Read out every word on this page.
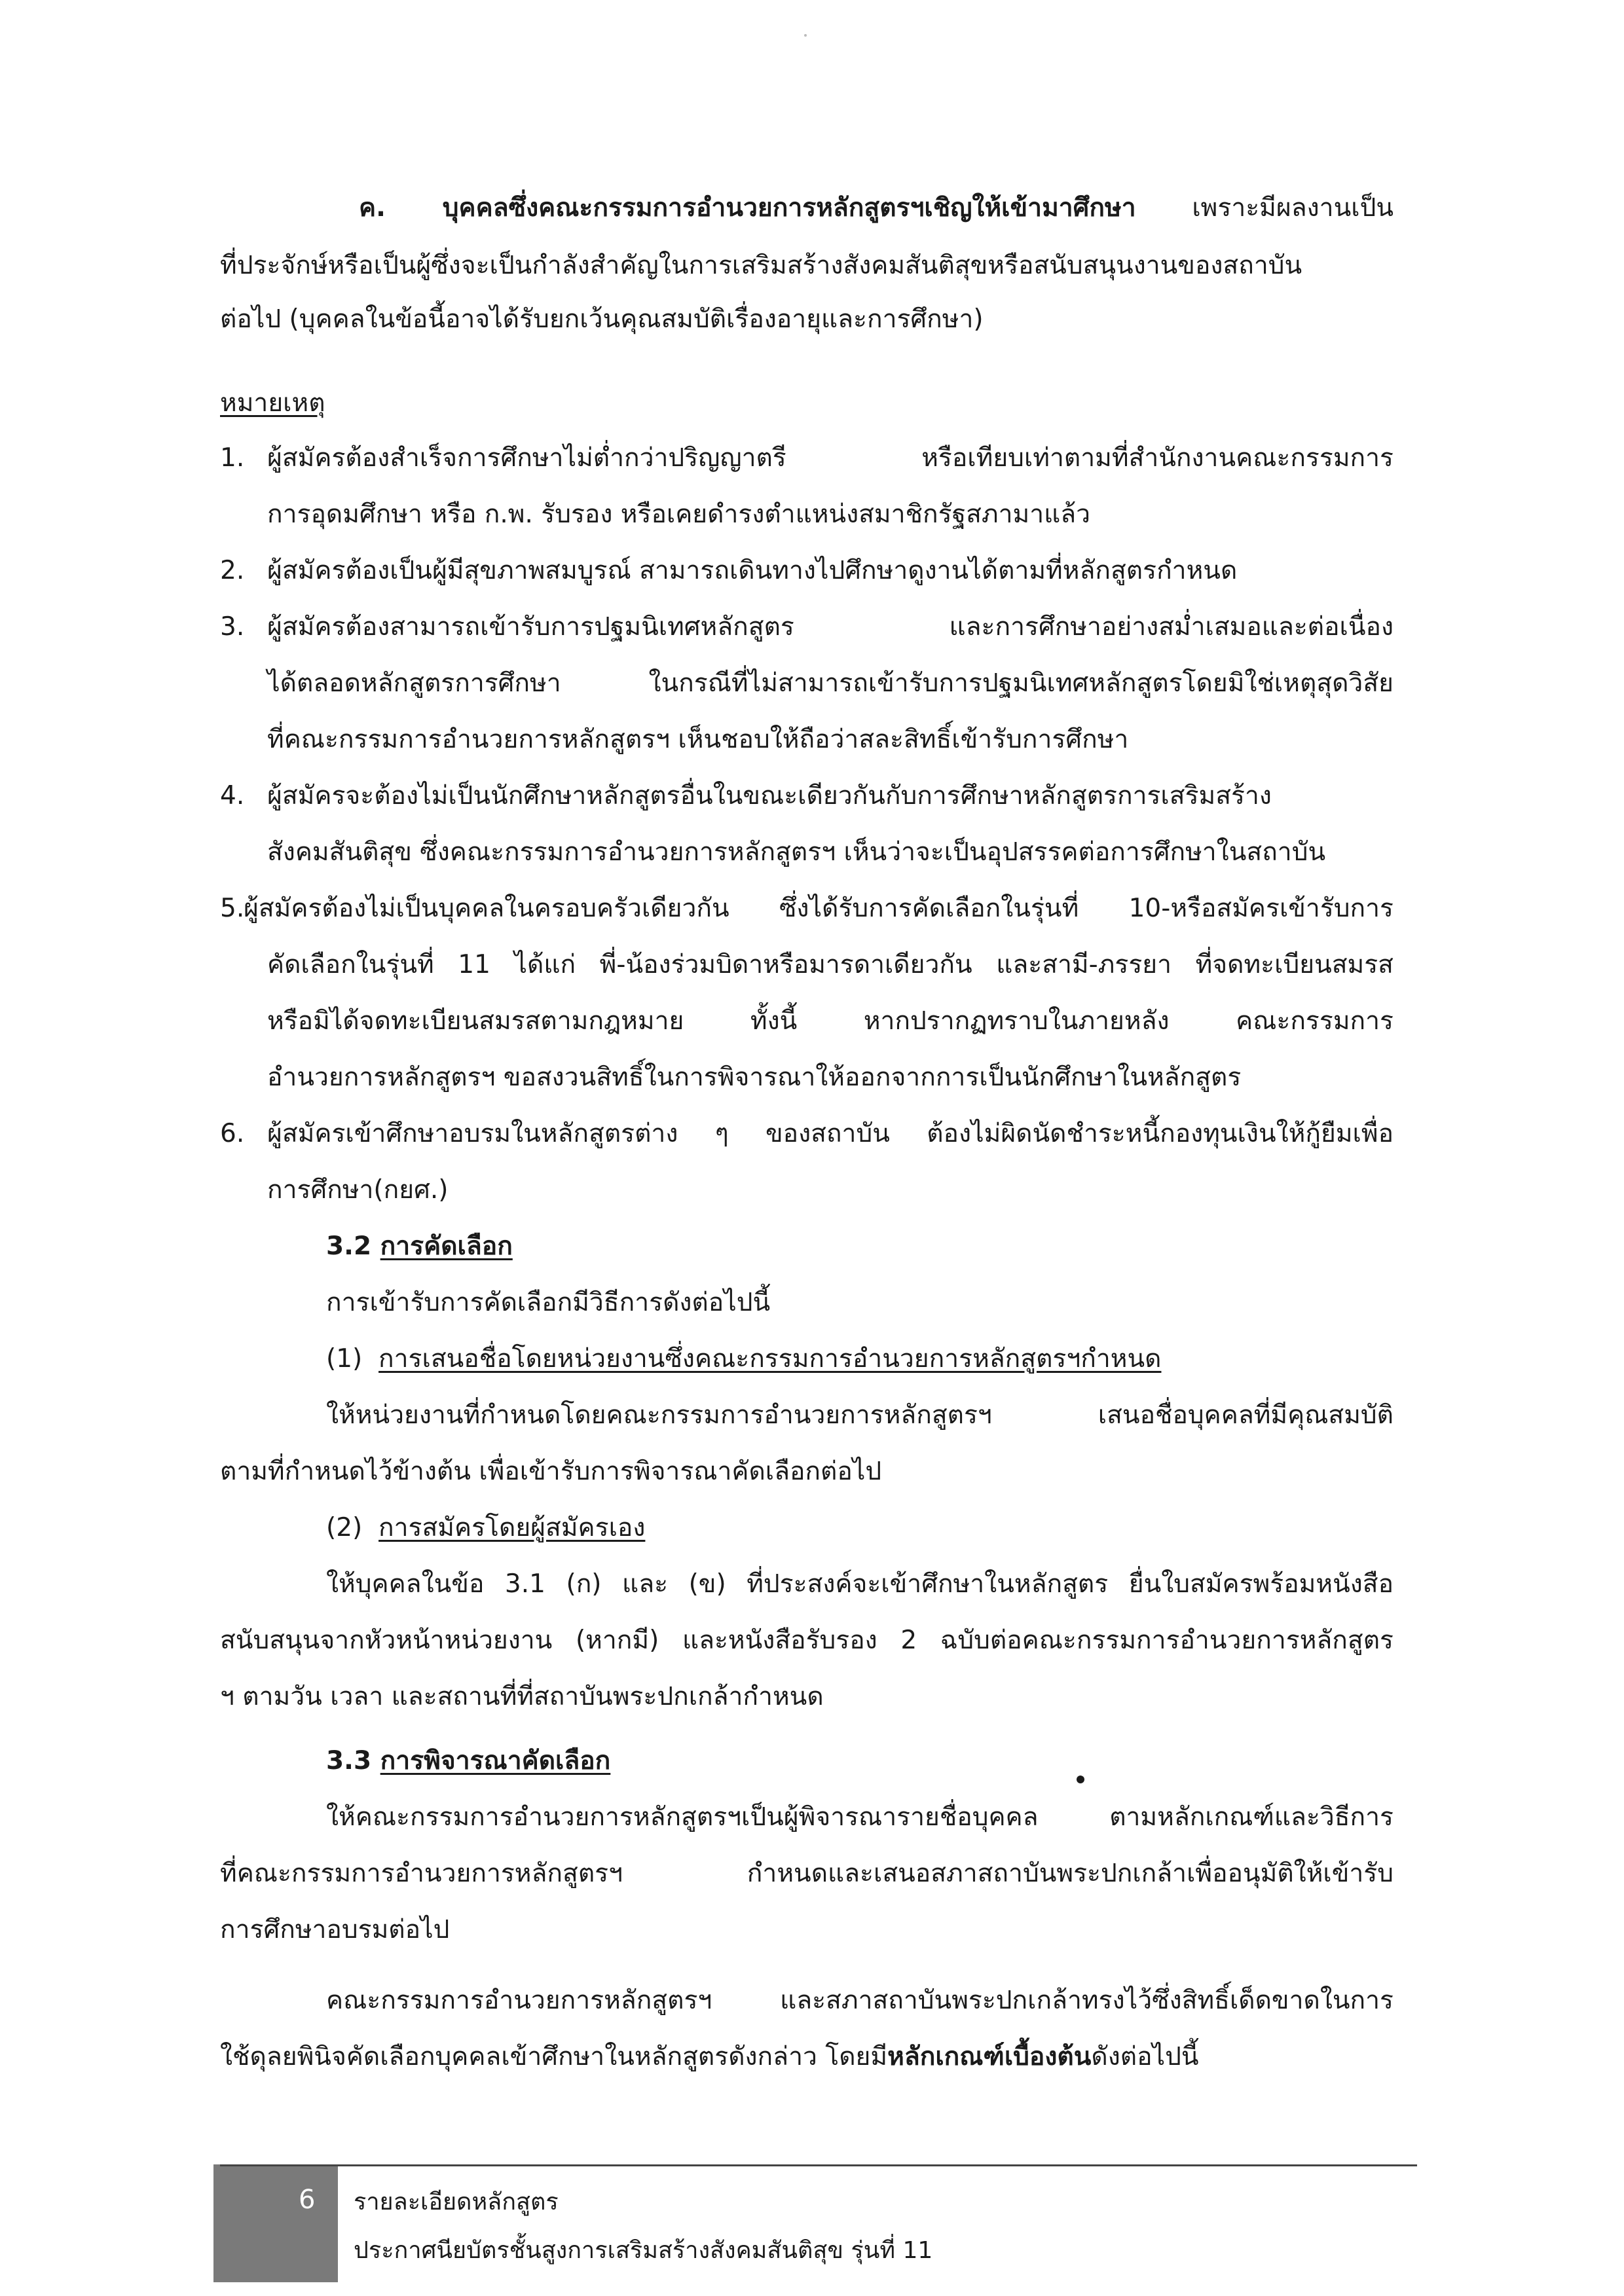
ค. บุคคลซึ่งคณะกรรมการอำนวยการหลักสูตรฯเชิญให้เข้ามาศึกษา เพราะมีผลงานเป็น
ที่ประจักษ์หรือเป็นผู้ซึ่งจะเป็นกำลังสำคัญในการเสริมสร้างสังคมสันติสุขหรือสนับสนุนงานของสถาบัน
ต่อไป (บุคคลในข้อนี้อาจได้รับยกเว้นคุณสมบัติเรื่องอายุและการศึกษา)
หมายเหตุ
1. ผู้สมัครต้องสำเร็จการศึกษาไม่ต่ำกว่าปริญญาตรี หรือเทียบเท่าตามที่สำนักงานคณะกรรมการ
การอุดมศึกษา หรือ ก.พ. รับรอง หรือเคยดำรงตำแหน่งสมาชิกรัฐสภามาแล้ว
2. ผู้สมัครต้องเป็นผู้มีสุขภาพสมบูรณ์ สามารถเดินทางไปศึกษาดูงานได้ตามที่หลักสูตรกำหนด
3. ผู้สมัครต้องสามารถเข้ารับการปฐมนิเทศหลักสูตร และการศึกษาอย่างสม่ำเสมอและต่อเนื่อง
ได้ตลอดหลักสูตรการศึกษา ในกรณีที่ไม่สามารถเข้ารับการปฐมนิเทศหลักสูตรโดยมิใช่เหตุสุดวิสัย
ที่คณะกรรมการอำนวยการหลักสูตรฯ เห็นชอบให้ถือว่าสละสิทธิ์เข้ารับการศึกษา
4. ผู้สมัครจะต้องไม่เป็นนักศึกษาหลักสูตรอื่นในขณะเดียวกันกับการศึกษาหลักสูตรการเสริมสร้าง
สังคมสันติสุข ซึ่งคณะกรรมการอำนวยการหลักสูตรฯ เห็นว่าจะเป็นอุปสรรคต่อการศึกษาในสถาบัน
5.
ผู้สมัครต้องไม่เป็นบุคคลในครอบครัวเดียวกัน ซึ่งได้รับการคัดเลือกในรุ่นที่ 10-หรือสมัครเข้ารับการ
คัดเลือกในรุ่นที่ 11 ได้แก่ พี่-น้องร่วมบิดาหรือมารดาเดียวกัน และสามี-ภรรยา ที่จดทะเบียนสมรส
หรือมิได้จดทะเบียนสมรสตามกฎหมาย ทั้งนี้ หากปรากฏทราบในภายหลัง คณะกรรมการ
อำนวยการหลักสูตรฯ ขอสงวนสิทธิ์ในการพิจารณาให้ออกจากการเป็นนักศึกษาในหลักสูตร
6. ผู้สมัครเข้าศึกษาอบรมในหลักสูตรต่าง ๆ ของสถาบัน ต้องไม่ผิดนัดชำระหนี้กองทุนเงินให้กู้ยืมเพื่อ
การศึกษา(กยศ.)
3.2 การคัดเลือก
การเข้ารับการคัดเลือกมีวิธีการดังต่อไปนี้
(1) การเสนอชื่อโดยหน่วยงานซึ่งคณะกรรมการอำนวยการหลักสูตรฯกำหนด
ให้หน่วยงานที่กำหนดโดยคณะกรรมการอำนวยการหลักสูตรฯ เสนอชื่อบุคคลที่มีคุณสมบัติ
ตามที่กำหนดไว้ข้างต้น เพื่อเข้ารับการพิจารณาคัดเลือกต่อไป
(2) การสมัครโดยผู้สมัครเอง
ให้บุคคลในข้อ 3.1 (ก) และ (ข) ที่ประสงค์จะเข้าศึกษาในหลักสูตร ยื่นใบสมัครพร้อมหนังสือ
สนับสนุนจากหัวหน้าหน่วยงาน (หากมี) และหนังสือรับรอง 2 ฉบับต่อคณะกรรมการอำนวยการหลักสูตร
ฯ ตามวัน เวลา และสถานที่ที่สถาบันพระปกเกล้ากำหนด
3.3 การพิจารณาคัดเลือก
ให้คณะกรรมการอำนวยการหลักสูตรฯเป็นผู้พิจารณารายชื่อบุคคล ตามหลักเกณฑ์และวิธีการ
ที่คณะกรรมการอำนวยการหลักสูตรฯ กำหนดและเสนอสภาสถาบันพระปกเกล้าเพื่ออนุมัติให้เข้ารับ
การศึกษาอบรมต่อไป
คณะกรรมการอำนวยการหลักสูตรฯ และสภาสถาบันพระปกเกล้าทรงไว้ซึ่งสิทธิ์เด็ดขาดในการ
ใช้ดุลยพินิจคัดเลือกบุคคลเข้าศึกษาในหลักสูตรดังกล่าว โดยมีหลักเกณฑ์เบื้องต้นดังต่อไปนี้
6 รายละเอียดหลักสูตร
ประกาศนียบัตรชั้นสูงการเสริมสร้างสังคมสันติสุข รุ่นที่ 11
